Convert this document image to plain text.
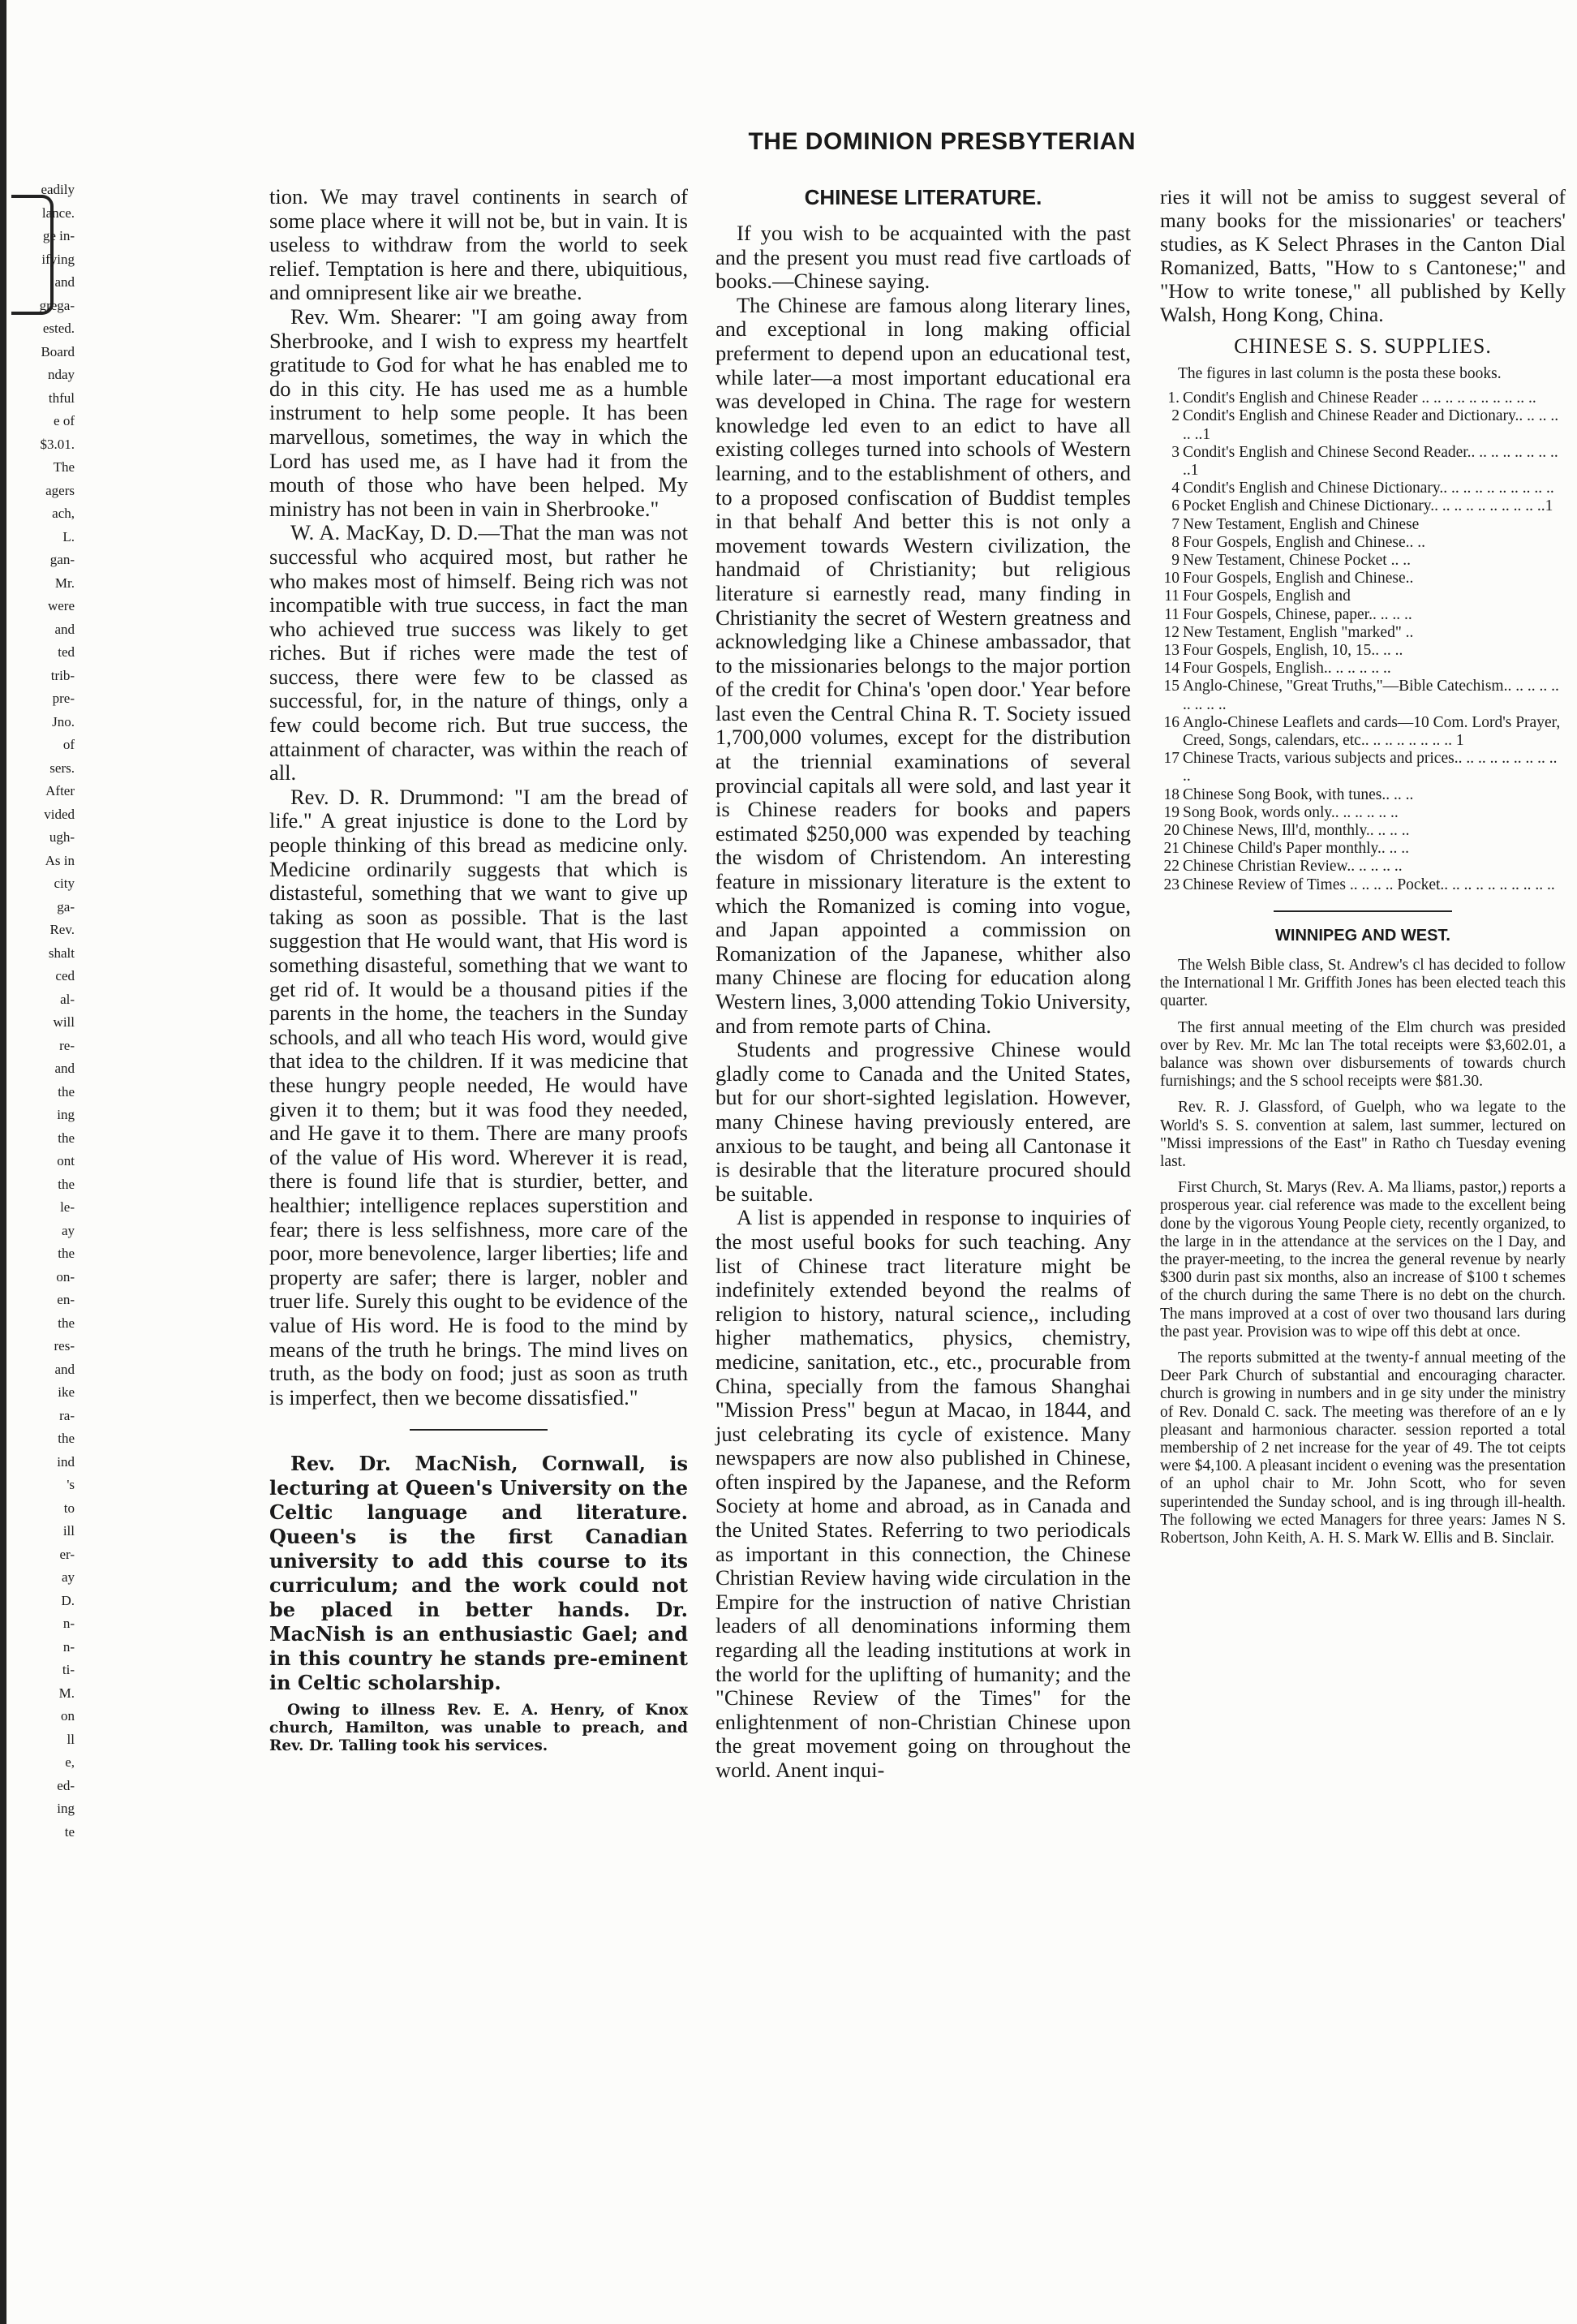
eadily

lance.

ge in-

ifying

and

grega-

ested.

Board

nday

thful

e of

$3.01.

The

agers

ach,

L.

gan-

Mr.

were

and

ted

trib-

pre-

Jno.

of

sers.

After

vided

ugh-

As in

city

ga-

Rev.

shalt

ced

al-

will

re-

and

the

ing

the

ont

the

le-

ay

the

on-

en-

the

res-

and

ike

ra-

the

ind

's

to

ill

er-

ay

D.

n-

n-

ti-

M.

on

ll

e,

ed-

ing

te

THE DOMINION PRESBYTERIAN

tion. We may travel continents in search of some place where it will not be, but in vain. It is useless to withdraw from the world to seek relief. Temptation is here and there, ubiquitious, and omnipresent like air we breathe.

Rev. Wm. Shearer: "I am going away from Sherbrooke, and I wish to express my heartfelt gratitude to God for what he has enabled me to do in this city. He has used me as a humble instrument to help some people. It has been marvellous, sometimes, the way in which the Lord has used me, as I have had it from the mouth of those who have been helped. My ministry has not been in vain in Sherbrooke."

W. A. MacKay, D. D.—That the man was not successful who acquired most, but rather he who makes most of himself. Being rich was not incompatible with true success, in fact the man who achieved true success was likely to get riches. But if riches were made the test of success, there were few to be classed as successful, for, in the nature of things, only a few could become rich. But true success, the attainment of character, was within the reach of all.

Rev. D. R. Drummond: "I am the bread of life." A great injustice is done to the Lord by people thinking of this bread as medicine only. Medicine ordinarily suggests that which is distasteful, something that we want to give up taking as soon as possible. That is the last suggestion that He would want, that His word is something disasteful, something that we want to get rid of. It would be a thousand pities if the parents in the home, the teachers in the Sunday schools, and all who teach His word, would give that idea to the children. If it was medicine that these hungry people needed, He would have given it to them; but it was food they needed, and He gave it to them. There are many proofs of the value of His word. Wherever it is read, there is found life that is sturdier, better, and healthier; intelligence replaces superstition and fear; there is less selfishness, more care of the poor, more benevolence, larger liberties; life and property are safer; there is larger, nobler and truer life. Surely this ought to be evidence of the value of His word. He is food to the mind by means of the truth he brings. The mind lives on truth, as the body on food; just as soon as truth is imperfect, then we become dissatisfied."

Rev. Dr. MacNish, Cornwall, is lecturing at Queen's University on the Celtic language and literature. Queen's is the first Canadian university to add this course to its curriculum; and the work could not be placed in better hands. Dr. MacNish is an enthusiastic Gael; and in this country he stands pre-eminent in Celtic scholarship.

Owing to illness Rev. E. A. Henry, of Knox church, Hamilton, was unable to preach, and Rev. Dr. Talling took his services.

CHINESE LITERATURE.

If you wish to be acquainted with the past and the present you must read five cartloads of books.—Chinese saying.

The Chinese are famous along literary lines, and exceptional in long making official preferment to depend upon an educational test, while later—a most important educational era was developed in China. The rage for western knowledge led even to an edict to have all existing colleges turned into schools of Western learning, and to the establishment of others, and to a proposed confiscation of Buddist temples in that behalf And better this is not only a movement towards Western civilization, the handmaid of Christianity; but religious literature si earnestly read, many finding in Christianity the secret of Western greatness and acknowledging like a Chinese ambassador, that to the missionaries belongs to the major portion of the credit for China's 'open door.' Year before last even the Central China R. T. Society issued 1,700,000 volumes, except for the distribution at the triennial examinations of several provincial capitals all were sold, and last year it is Chinese readers for books and papers estimated $250,000 was expended by teaching the wisdom of Christendom. An interesting feature in missionary literature is the extent to which the Romanized is coming into vogue, and Japan appointed a commission on Romanization of the Japanese, whither also many Chinese are flocing for education along Western lines, 3,000 attending Tokio University, and from remote parts of China.

Students and progressive Chinese would gladly come to Canada and the United States, but for our short-sighted legislation. However, many Chinese having previously entered, are anxious to be taught, and being all Cantonase it is desirable that the literature procured should be suitable.

A list is appended in response to inquiries of the most useful books for such teaching. Any list of Chinese tract literature might be indefinitely extended beyond the realms of religion to history, natural science,, including higher mathematics, physics, chemistry, medicine, sanitation, etc., etc., procurable from China, specially from the famous Shanghai "Mission Press" begun at Macao, in 1844, and just celebrating its cycle of existence. Many newspapers are now also published in Chinese, often inspired by the Japanese, and the Reform Society at home and abroad, as in Canada and the United States. Referring to two periodicals as important in this connection, the Chinese Christian Review having wide circulation in the Empire for the instruction of native Christian leaders of all denominations informing them regarding all the leading institutions at work in the world for the uplifting of humanity; and the "Chinese Review of the Times" for the enlightenment of non-Christian Chinese upon the great movement going on throughout the world. Anent inqui-

ries it will not be amiss to suggest several of many books for the missionaries' or teachers' studies, as K Select Phrases in the Canton Dial Romanized, Batts, "How to s Cantonese;" and "How to write tonese," all published by Kelly Walsh, Hong Kong, China.

CHINESE S. S. SUPPLIES.

The figures in last column is the posta these books.

1. Condit's English and Chinese Reader .. .. .. .. .. .. .. .. .. ..
2 Condit's English and Chinese Reader and Dictionary.. .. .. .. .. ..1
3 Condit's English and Chinese Second Reader.. .. .. .. .. .. .. .. ..1
4 Condit's English and Chinese Dictionary.. .. .. .. .. .. .. .. .. ..
6 Pocket English and Chinese Dictionary.. .. .. .. .. .. .. .. .. ..1
7 New Testament, English and Chinese
8 Four Gospels, English and Chinese.. ..
9 New Testament, Chinese Pocket .. ..
10 Four Gospels, English and Chinese..
11 Four Gospels, English and
11 Four Gospels, Chinese, paper.. .. .. ..
12 New Testament, English "marked" ..
13 Four Gospels, English, 10, 15.. .. ..
14 Four Gospels, English.. .. .. .. .. ..
15 Anglo-Chinese, "Great Truths,"—Bible Catechism.. .. .. .. .. .. .. .. ..
16 Anglo-Chinese Leaflets and cards—10 Com. Lord's Prayer, Creed, Songs, calendars, etc.. .. .. .. .. .. .. .. 1
17 Chinese Tracts, various subjects and prices.. .. .. .. .. .. .. .. .. ..
18 Chinese Song Book, with tunes.. .. ..
19 Song Book, words only.. .. .. .. .. ..
20 Chinese News, Ill'd, monthly.. .. .. ..
21 Chinese Child's Paper monthly.. .. ..
22 Chinese Christian Review.. .. .. .. ..
23 Chinese Review of Times .. .. .. .. Pocket.. .. .. .. .. .. .. .. .. ..
WINNIPEG AND WEST.

The Welsh Bible class, St. Andrew's cl has decided to follow the International l Mr. Griffith Jones has been elected teach this quarter.

The first annual meeting of the Elm church was presided over by Rev. Mr. Mc lan The total receipts were $3,602.01, a balance was shown over disbursements of towards church furnishings; and the S school receipts were $81.30.

Rev. R. J. Glassford, of Guelph, who wa legate to the World's S. S. convention at salem, last summer, lectured on "Missi impressions of the East" in Ratho ch Tuesday evening last.

First Church, St. Marys (Rev. A. Ma lliams, pastor,) reports a prosperous year. cial reference was made to the excellent being done by the vigorous Young People ciety, recently organized, to the large in in the attendance at the services on the l Day, and the prayer-meeting, to the increa the general revenue by nearly $300 durin past six months, also an increase of $100 t schemes of the church during the same There is no debt on the church. The mans improved at a cost of over two thousand lars during the past year. Provision was to wipe off this debt at once.

The reports submitted at the twenty-f annual meeting of the Deer Park Church of substantial and encouraging character. church is growing in numbers and in ge sity under the ministry of Rev. Donald C. sack. The meeting was therefore of an e ly pleasant and harmonious character. session reported a total membership of 2 net increase for the year of 49. The tot ceipts were $4,100. A pleasant incident o evening was the presentation of an uphol chair to Mr. John Scott, who for seven superintended the Sunday school, and is ing through ill-health. The following we ected Managers for three years: James N S. Robertson, John Keith, A. H. S. Mark W. Ellis and B. Sinclair.
